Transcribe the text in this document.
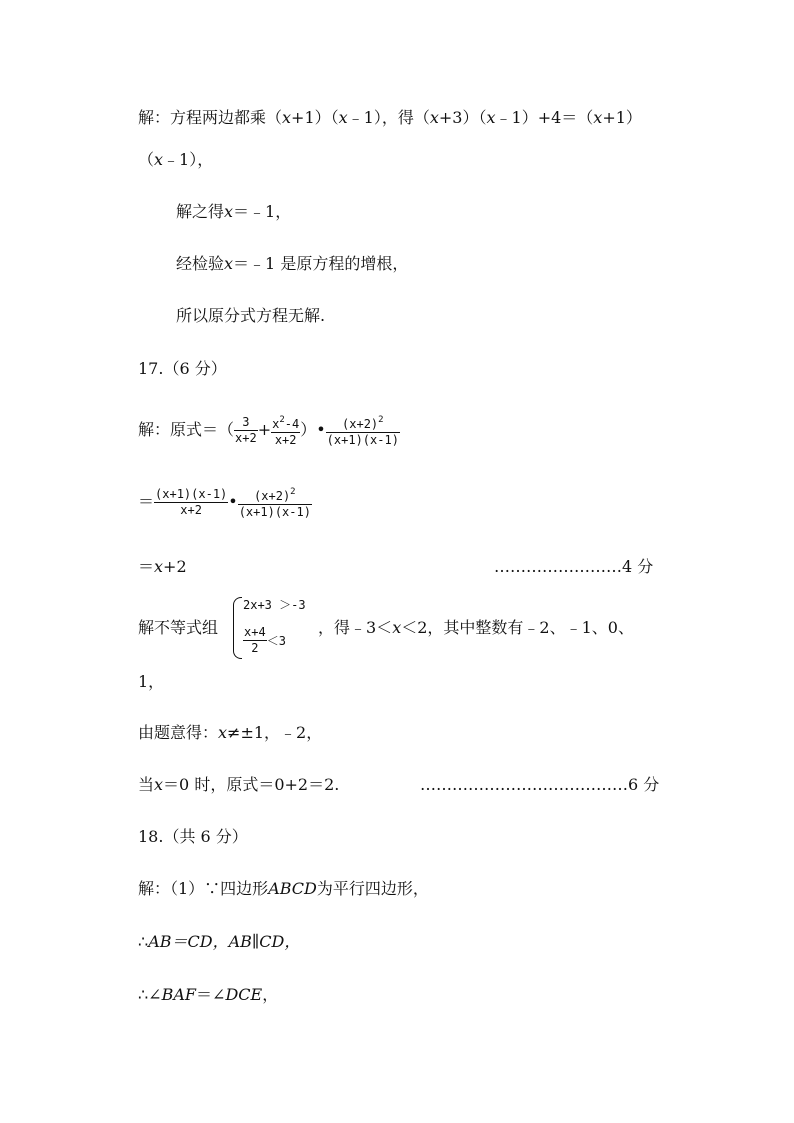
解：方程两边都乘（x+1）（x﹣1），得（x+3）（x﹣1）+4＝（x+1）
（x﹣1），
解之得x＝﹣1，
经检验x＝﹣1 是原方程的增根，
所以原分式方程无解.
17.（6 分）
解：原式＝（ $\frac{3}{x+2} + \frac{x^2-4}{x+2}$ ）• $\frac{(x+2)^2}{(x+1)(x-1)}$
＝ $\frac{(x+1)(x-1)}{x+2}$ • $\frac{(x+2)^2}{(x+1)(x-1)}$
＝x+2	……………………4 分
解不等式组
2x+3 ＞-3
$\frac{x+4}{2} <3$
，得﹣3＜x＜2，其中整数有﹣2、﹣1、0、
1，
由题意得：x≠±1，﹣2，
当x＝0 时，原式＝0+2＝2.	…………………………………6 分
18.（共 6 分）
解：（1）∵四边形ABCD为平行四边形，
∴AB＝CD，AB∥CD，
∴∠BAF＝∠DCE，
